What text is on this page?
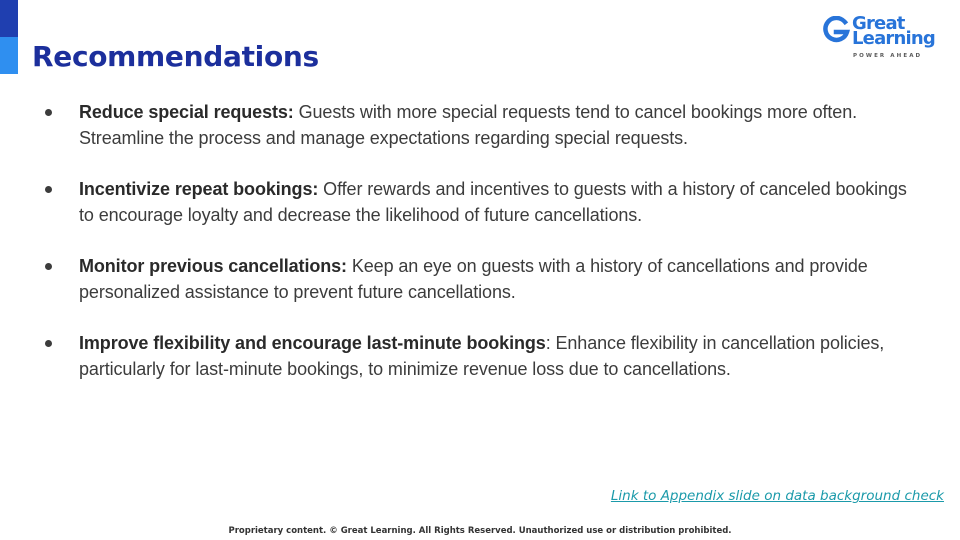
Recommendations
Great
Learning
POWER AHEAD
Reduce special requests: Guests with more special requests tend to cancel bookings more often. Streamline the process and manage expectations regarding special requests.
Incentivize repeat bookings: Offer rewards and incentives to guests with a history of canceled bookings to encourage loyalty and decrease the likelihood of future cancellations.
Monitor previous cancellations: Keep an eye on guests with a history of cancellations and provide personalized assistance to prevent future cancellations.
Improve flexibility and encourage last-minute bookings: Enhance flexibility in cancellation policies, particularly for last-minute bookings, to minimize revenue loss due to cancellations.
Link to Appendix slide on data background check
Proprietary content. © Great Learning. All Rights Reserved. Unauthorized use or distribution prohibited.
